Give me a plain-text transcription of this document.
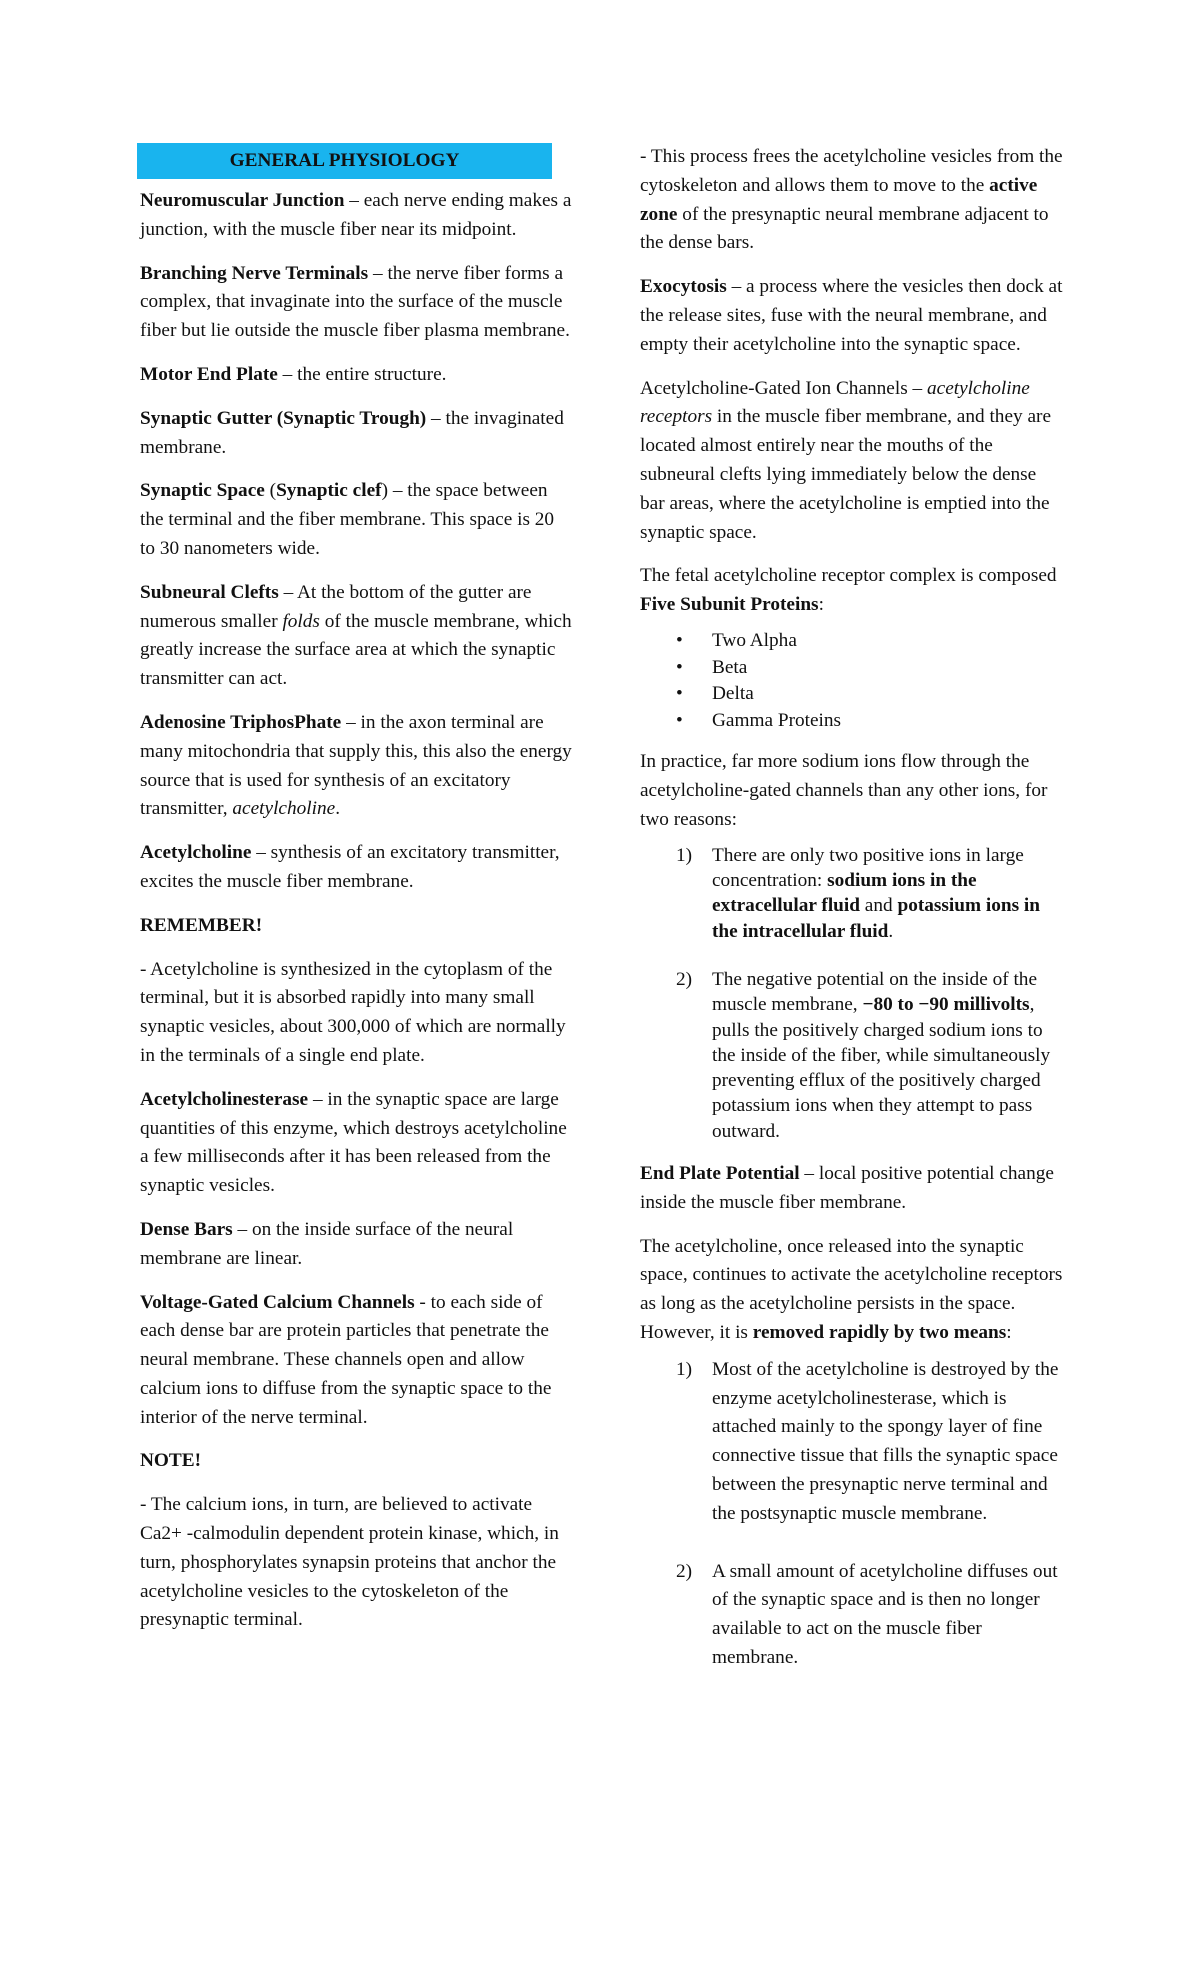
GENERAL PHYSIOLOGY

Neuromuscular Junction – each nerve ending makes a junction, with the muscle fiber near its midpoint.

Branching Nerve Terminals – the nerve fiber forms a complex, that invaginate into the surface of the muscle fiber but lie outside the muscle fiber plasma membrane.

Motor End Plate – the entire structure.

Synaptic Gutter (Synaptic Trough) – the invaginated membrane.

Synaptic Space (Synaptic clef) – the space between the terminal and the fiber membrane. This space is 20 to 30 nanometers wide.

Subneural Clefts – At the bottom of the gutter are numerous smaller folds of the muscle membrane, which greatly increase the surface area at which the synaptic transmitter can act.

Adenosine TriphosPhate – in the axon terminal are many mitochondria that supply this, this also the energy source that is used for synthesis of an excitatory transmitter, acetylcholine.

Acetylcholine – synthesis of an excitatory transmitter, excites the muscle fiber membrane.

REMEMBER!

- Acetylcholine is synthesized in the cytoplasm of the terminal, but it is absorbed rapidly into many small synaptic vesicles, about 300,000 of which are normally in the terminals of a single end plate.

Acetylcholinesterase – in the synaptic space are large quantities of this enzyme, which destroys acetylcholine a few milliseconds after it has been released from the synaptic vesicles.

Dense Bars – on the inside surface of the neural membrane are linear.

Voltage-Gated Calcium Channels - to each side of each dense bar are protein particles that penetrate the neural membrane. These channels open and allow calcium ions to diffuse from the synaptic space to the interior of the nerve terminal.

NOTE!

- The calcium ions, in turn, are believed to activate Ca2+ -calmodulin dependent protein kinase, which, in turn, phosphorylates synapsin proteins that anchor the acetylcholine vesicles to the cytoskeleton of the presynaptic terminal.

- This process frees the acetylcholine vesicles from the cytoskeleton and allows them to move to the active zone of the presynaptic neural membrane adjacent to the dense bars.

Exocytosis – a process where the vesicles then dock at the release sites, fuse with the neural membrane, and empty their acetylcholine into the synaptic space.

Acetylcholine-Gated Ion Channels – acetylcholine receptors in the muscle fiber membrane, and they are located almost entirely near the mouths of the subneural clefts lying immediately below the dense bar areas, where the acetylcholine is emptied into the synaptic space.

The fetal acetylcholine receptor complex is composed Five Subunit Proteins:

• Two Alpha
• Beta
• Delta
• Gamma Proteins

In practice, far more sodium ions flow through the acetylcholine-gated channels than any other ions, for two reasons:

1) There are only two positive ions in large concentration: sodium ions in the extracellular fluid and potassium ions in the intracellular fluid.
2) The negative potential on the inside of the muscle membrane, −80 to −90 millivolts, pulls the positively charged sodium ions to the inside of the fiber, while simultaneously preventing efflux of the positively charged potassium ions when they attempt to pass outward.

End Plate Potential – local positive potential change inside the muscle fiber membrane.

The acetylcholine, once released into the synaptic space, continues to activate the acetylcholine receptors as long as the acetylcholine persists in the space. However, it is removed rapidly by two means:

1) Most of the acetylcholine is destroyed by the enzyme acetylcholinesterase, which is attached mainly to the spongy layer of fine connective tissue that fills the synaptic space between the presynaptic nerve terminal and the postsynaptic muscle membrane.
2) A small amount of acetylcholine diffuses out of the synaptic space and is then no longer available to act on the muscle fiber membrane.
